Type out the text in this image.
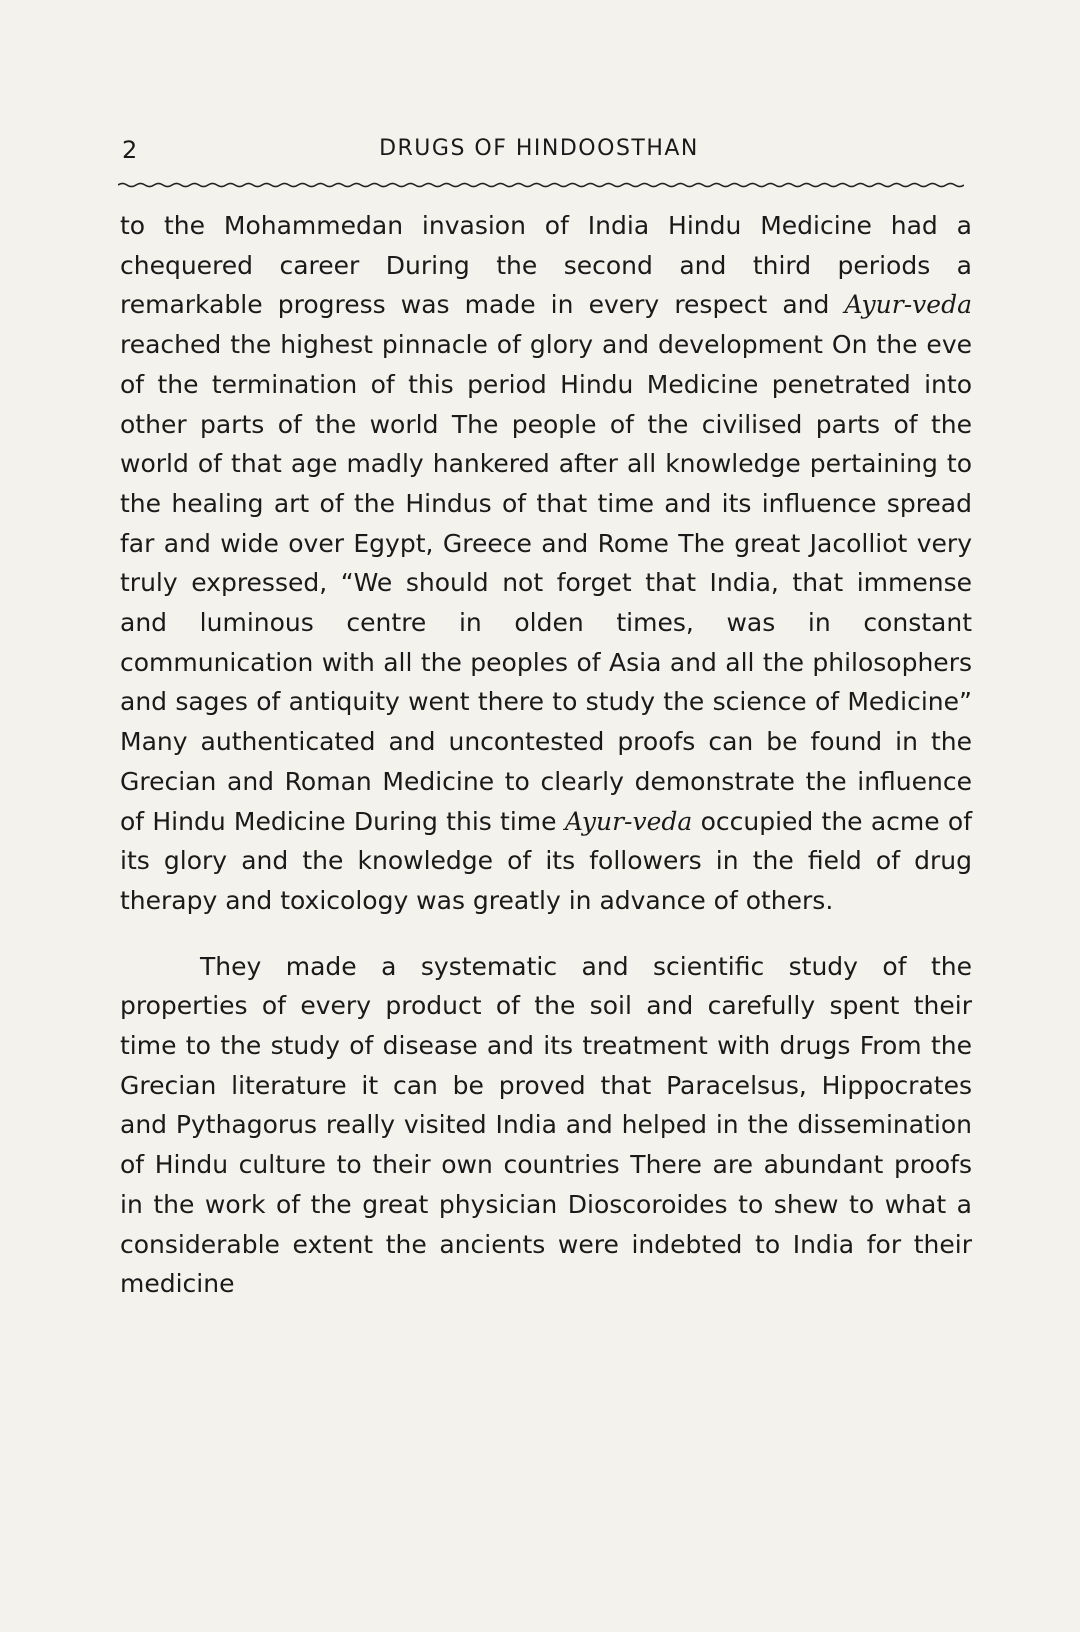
2	DRUGS OF HINDOOSTHAN

to the Mohammedan invasion of India Hindu Medicine had a chequered career During the second and third periods a remarkable progress was made in every respect and Ayur-veda reached the highest pinnacle of glory and development On the eve of the termination of this period Hindu Medicine penetrated into other parts of the world The people of the civilised parts of the world of that age madly hankered after all knowledge pertaining to the healing art of the Hindus of that time and its influence spread far and wide over Egypt, Greece and Rome The great Jacolliot very truly expressed, “We should not forget that India, that immense and luminous centre in olden times, was in constant communication with all the peoples of Asia and all the philosophers and sages of antiquity went there to study the science of Medicine” Many authenticated and uncontested proofs can be found in the Grecian and Roman Medicine to clearly demonstrate the influence of Hindu Medicine During this time Ayur-veda occupied the acme of its glory and the knowledge of its followers in the field of drug therapy and toxicology was greatly in advance of others.

They made a systematic and scientific study of the properties of every product of the soil and carefully spent their time to the study of disease and its treatment with drugs From the Grecian literature it can be proved that Paracelsus, Hippocrates and Pythagorus really visited India and helped in the dissemination of Hindu culture to their own countries There are abundant proofs in the work of the great physician Dioscoroides to shew to what a considerable extent the ancients were indebted to India for their medicine
